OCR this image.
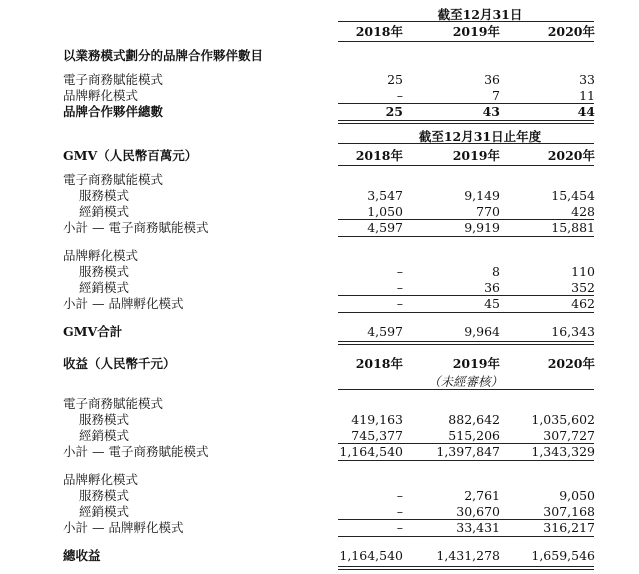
截至12月31日
2018年	2019年	2020年
以業務模式劃分的品牌合作夥伴數目
電子商務賦能模式	25	36	33
品牌孵化模式	–	7	11
品牌合作夥伴總數	25	43	44
截至12月31日止年度
GMV（人民幣百萬元）	2018年	2019年	2020年
電子商務賦能模式
服務模式	3,547	9,149	15,454
經銷模式	1,050	770	428
小計 — 電子商務賦能模式	4,597	9,919	15,881
品牌孵化模式
服務模式	–	8	110
經銷模式	–	36	352
小計 — 品牌孵化模式	–	45	462
GMV合計	4,597	9,964	16,343
收益（人民幣千元）	2018年	2019年	2020年
（未經審核）
電子商務賦能模式
服務模式	419,163	882,642	1,035,602
經銷模式	745,377	515,206	307,727
小計 — 電子商務賦能模式	1,164,540	1,397,847	1,343,329
品牌孵化模式
服務模式	–	2,761	9,050
經銷模式	–	30,670	307,168
小計 — 品牌孵化模式	–	33,431	316,217
總收益	1,164,540	1,431,278	1,659,546
